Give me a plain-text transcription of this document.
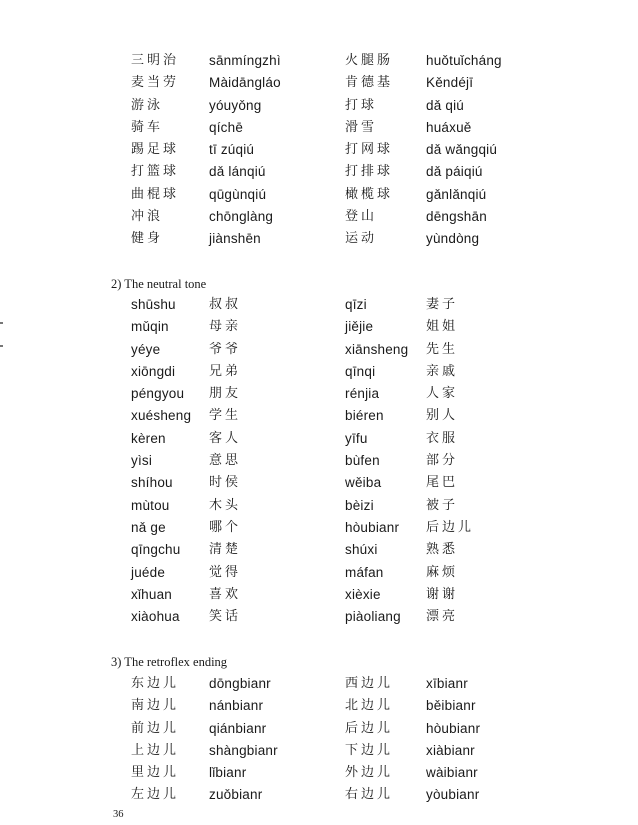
三明治 sānmíngzhì	火腿肠 huǒtuǐcháng
麦当劳 Màidāngláo	肯德基 Kěndéjī
游泳	yóuyǒng	打球	dǎ qiú
骑车	qíchē	滑雪	huáxuě
踢足球 tī zúqiú	打网球 dǎ wǎngqiú
打篮球 dǎ lánqiú	打排球 dǎ páiqiú
曲棍球 qūgùnqiú	橄榄球 gǎnlǎnqiú
冲浪	chōnglàng	登山	dēngshān
健身	jiànshēn	运动	yùndòng
2) The neutral tone
shūshu	叔叔	qīzi	妻子
mǔqin	母亲	jiějie	姐姐
yéye	爷爷	xiānsheng 先生
xiōngdi	兄弟	qīnqi	亲戚
péngyou 朋友	rénjia	人家
xuésheng 学生	biéren	别人
kèren	客人	yīfu	衣服
yìsi	意思	bùfen	部分
shíhou	时侯	wěiba	尾巴
mùtou	木头	bèizi	被子
nǎ ge	哪个	hòubianr 后边儿
qīngchu 清楚	shúxi	熟悉
juéde	觉得	máfan	麻烦
xǐhuan	喜欢	xièxie	谢谢
xiàohua 笑话	piàoliang 漂亮
3) The retroflex ending
东边儿 dōngbianr	西边儿 xībianr
南边儿 nánbianr	北边儿 běibianr
前边儿 qiánbianr	后边儿 hòubianr
上边儿 shàngbianr	下边儿 xiàbianr
里边儿 lǐbianr	外边儿 wàibianr
左边儿 zuǒbianr	右边儿 yòubianr
36
